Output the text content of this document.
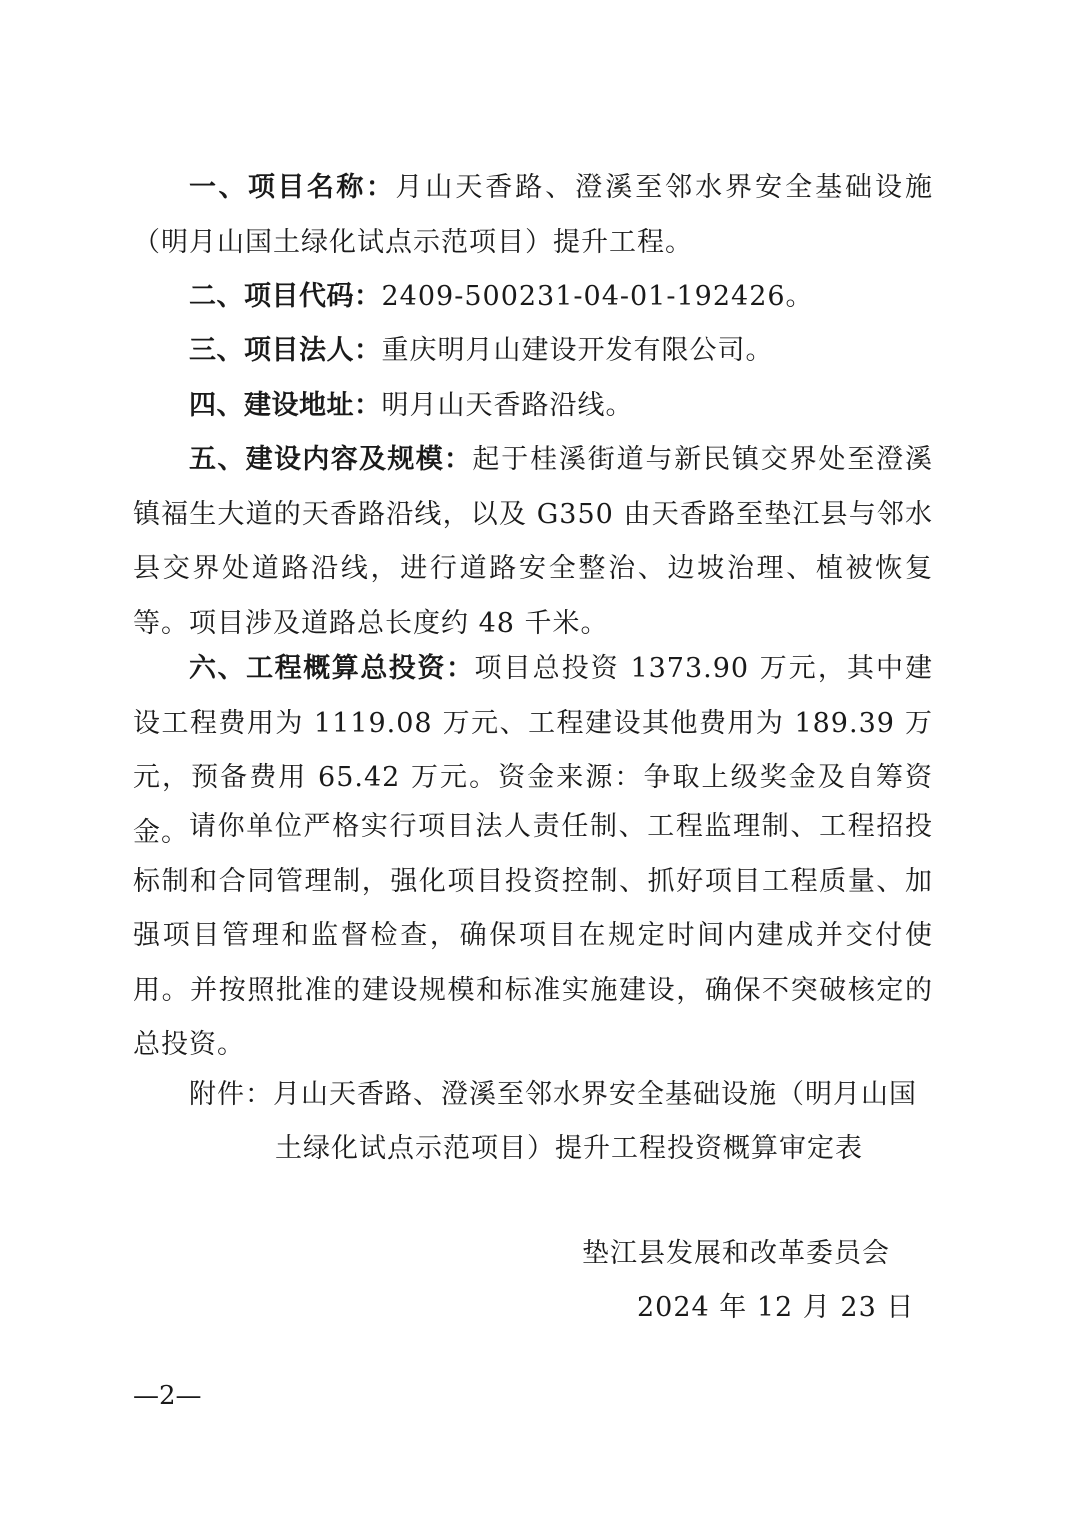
一、项目名称：月山天香路、澄溪至邻水界安全基础设施（明月山国土绿化试点示范项目）提升工程。

二、项目代码：2409-500231-04-01-192426。

三、项目法人：重庆明月山建设开发有限公司。

四、建设地址：明月山天香路沿线。

五、建设内容及规模：起于桂溪街道与新民镇交界处至澄溪镇福生大道的天香路沿线，以及 G350 由天香路至垫江县与邻水县交界处道路沿线，进行道路安全整治、边坡治理、植被恢复等。项目涉及道路总长度约 48 千米。

六、工程概算总投资：项目总投资 1373.90 万元，其中建设工程费用为 1119.08 万元、工程建设其他费用为 189.39 万元，预备费用 65.42 万元。资金来源：争取上级奖金及自筹资金。 请你单位严格实行项目法人责任制、工程监理制、工程招投标制和合同管理制，强化项目投资控制、抓好项目工程质量、加强项目管理和监督检查，确保项目在规定时间内建成并交付使用。并按照批准的建设规模和标准实施建设，确保不突破核定的总投资。

附件：月山天香路、澄溪至邻水界安全基础设施（明月山国
土绿化试点示范项目）提升工程投资概算审定表
垫江县发展和改革委员会
2024 年 12 月 23 日
—2—
